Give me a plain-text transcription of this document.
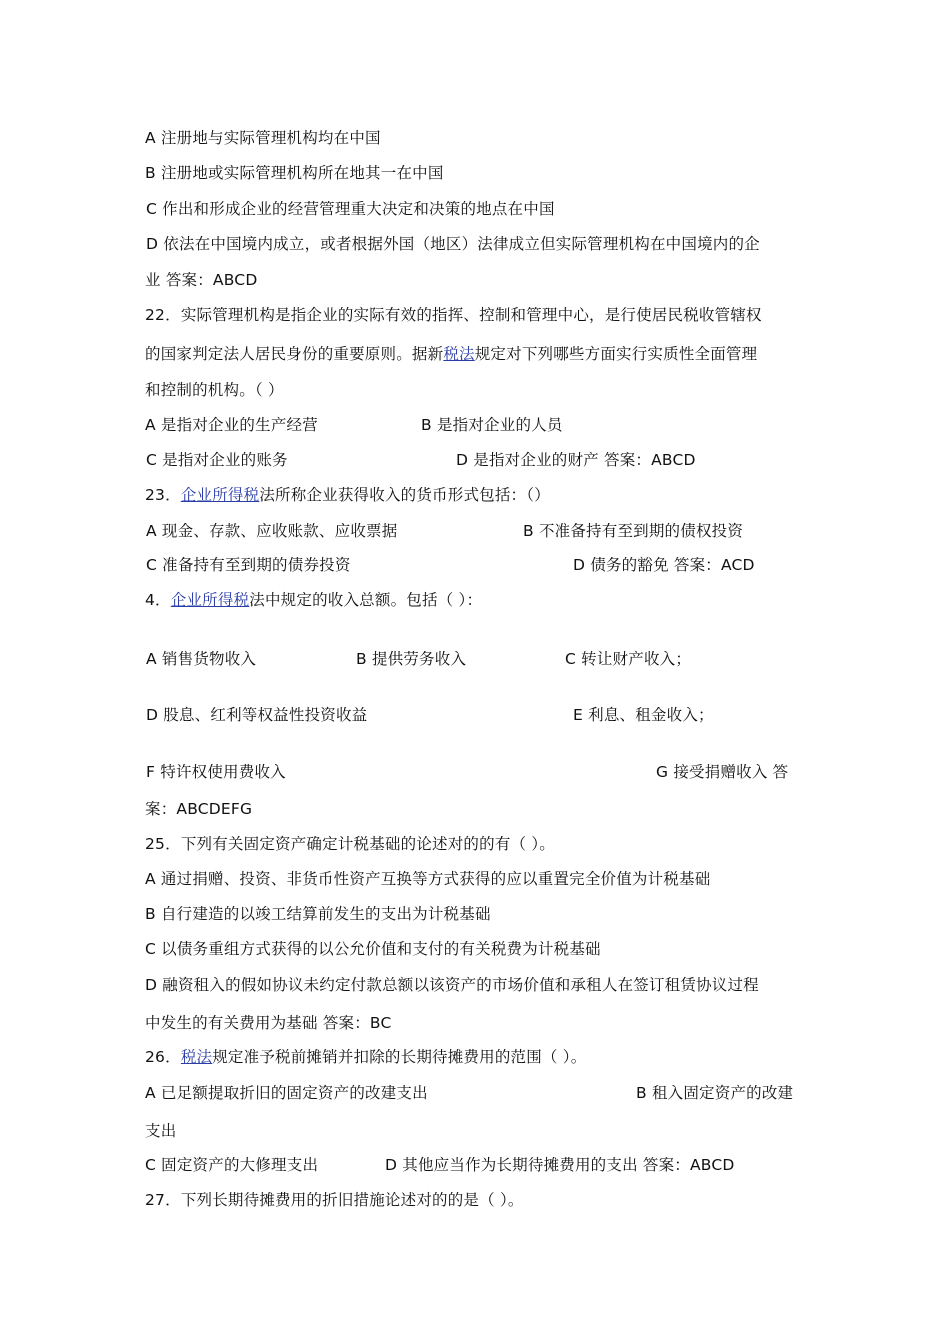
A 注册地与实际管理机构均在中国
B 注册地或实际管理机构所在地其一在中国
C 作出和形成企业的经营管理重大决定和决策的地点在中国
D 依法在中国境内成立，或者根据外国（地区）法律成立但实际管理机构在中国境内的企
业 答案：ABCD
22．实际管理机构是指企业的实际有效的指挥、控制和管理中心，是行使居民税收管辖权
的国家判定法人居民身份的重要原则。据新税法规定对下列哪些方面实行实质性全面管理
和控制的机构。（ ）
A 是指对企业的生产经营	B 是指对企业的人员
C 是指对企业的账务	D 是指对企业的财产 答案：ABCD
23．企业所得税法所称企业获得收入的货币形式包括：（）
A 现金、存款、应收账款、应收票据	B 不准备持有至到期的债权投资
C 准备持有至到期的债券投资	D 债务的豁免 答案：ACD
4．企业所得税法中规定的收入总额。包括（ ）：
A 销售货物收入	B 提供劳务收入	C 转让财产收入；
D 股息、红利等权益性投资收益	E 利息、租金收入；
F 特许权使用费收入	G 接受捐赠收入 答
案：ABCDEFG
25．下列有关固定资产确定计税基础的论述对的的有（ ）。
A 通过捐赠、投资、非货币性资产互换等方式获得的应以重置完全价值为计税基础
B 自行建造的以竣工结算前发生的支出为计税基础
C 以债务重组方式获得的以公允价值和支付的有关税费为计税基础
D 融资租入的假如协议未约定付款总额以该资产的市场价值和承租人在签订租赁协议过程
中发生的有关费用为基础 答案：BC
26．税法规定准予税前摊销并扣除的长期待摊费用的范围（ ）。
A 已足额提取折旧的固定资产的改建支出	B 租入固定资产的改建
支出
C 固定资产的大修理支出	D 其他应当作为长期待摊费用的支出 答案：ABCD
27．下列长期待摊费用的折旧措施论述对的的是（ ）。
